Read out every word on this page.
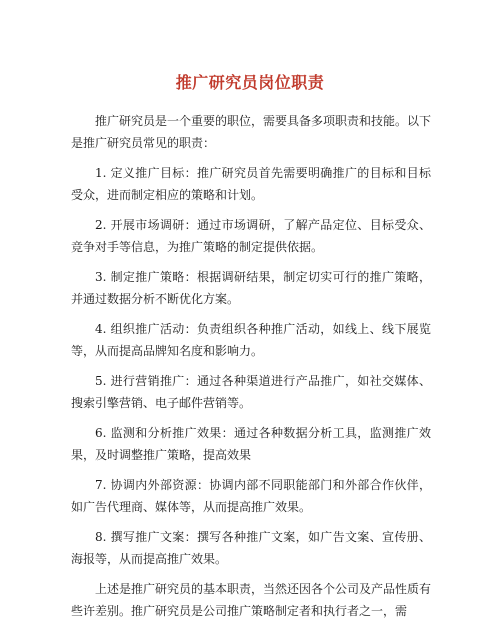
推广研究员岗位职责

推广研究员是一个重要的职位，需要具备多项职责和技能。以下是推广研究员常见的职责：

1. 定义推广目标：推广研究员首先需要明确推广的目标和目标受众，进而制定相应的策略和计划。

2. 开展市场调研：通过市场调研，了解产品定位、目标受众、竞争对手等信息，为推广策略的制定提供依据。

3. 制定推广策略：根据调研结果，制定切实可行的推广策略，并通过数据分析不断优化方案。

4. 组织推广活动：负责组织各种推广活动，如线上、线下展览等，从而提高品牌知名度和影响力。

5. 进行营销推广：通过各种渠道进行产品推广，如社交媒体、搜索引擎营销、电子邮件营销等。

6. 监测和分析推广效果：通过各种数据分析工具，监测推广效果，及时调整推广策略，提高效果

7. 协调内外部资源：协调内部不同职能部门和外部合作伙伴，如广告代理商、媒体等，从而提高推广效果。

8. 撰写推广文案：撰写各种推广文案，如广告文案、宣传册、海报等，从而提高推广效果。

上述是推广研究员的基本职责，当然还因各个公司及产品性质有些许差别。推广研究员是公司推广策略制定者和执行者之一，需
